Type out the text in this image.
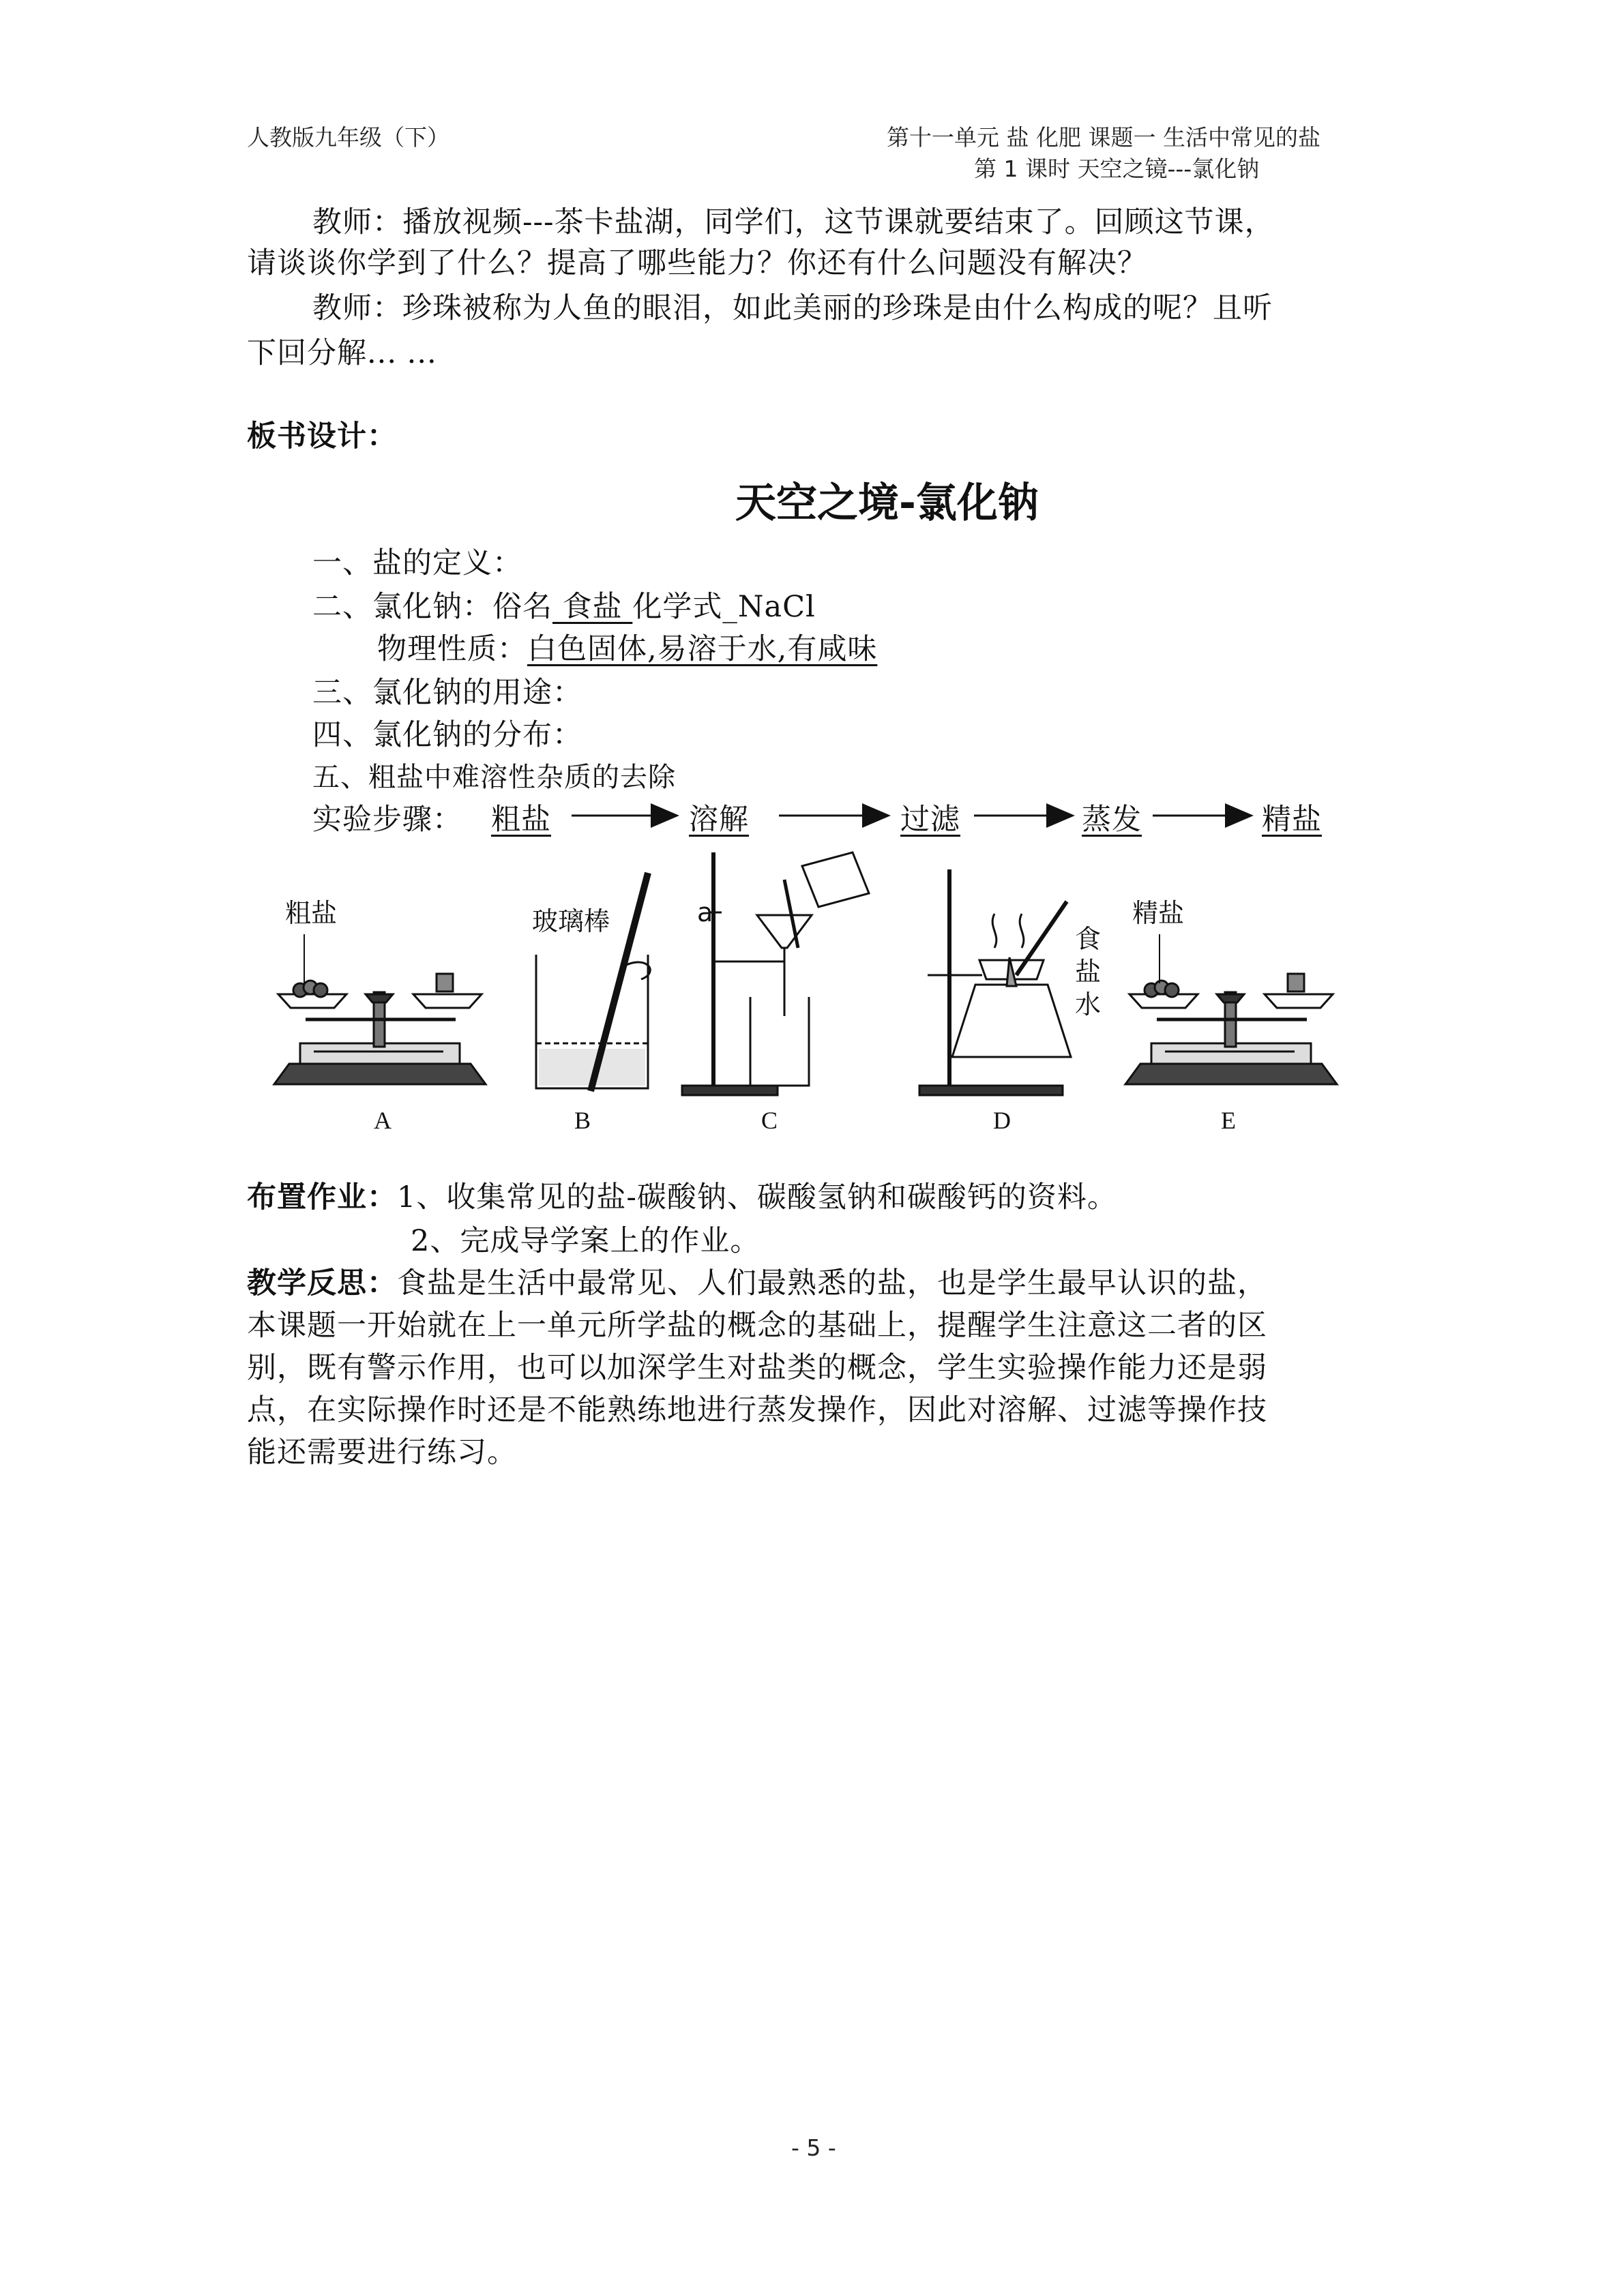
人教版九年级（下）	第十一单元 盐 化肥 课题一 生活中常见的盐
第 1 课时 天空之镜---氯化钠
教师：播放视频---茶卡盐湖，同学们，这节课就要结束了。回顾这节课，
请谈谈你学到了什么？提高了哪些能力？你还有什么问题没有解决？
教师：珍珠被称为人鱼的眼泪，如此美丽的珍珠是由什么构成的呢？且听
下回分解... ...
板书设计：
天空之境-氯化钠
一、盐的定义：
二、氯化钠：俗名 食盐 化学式_NaCl
物理性质：白色固体,易溶于水,有咸味
三、氯化钠的用途：
四、氯化钠的分布：
五、粗盐中难溶性杂质的去除
实验步骤： 粗盐	溶解	过滤	蒸发	精盐
粗盐	玻璃棒	a
食
盐
水
精盐
A	B	C	D	E
布置作业：1、收集常见的盐-碳酸钠、碳酸氢钠和碳酸钙的资料。
2、完成导学案上的作业。
教学反思：食盐是生活中最常见、人们最熟悉的盐，也是学生最早认识的盐，
本课题一开始就在上一单元所学盐的概念的基础上，提醒学生注意这二者的区
别，既有警示作用，也可以加深学生对盐类的概念，学生实验操作能力还是弱
点，在实际操作时还是不能熟练地进行蒸发操作，因此对溶解、过滤等操作技
能还需要进行练习。
- 5 -
